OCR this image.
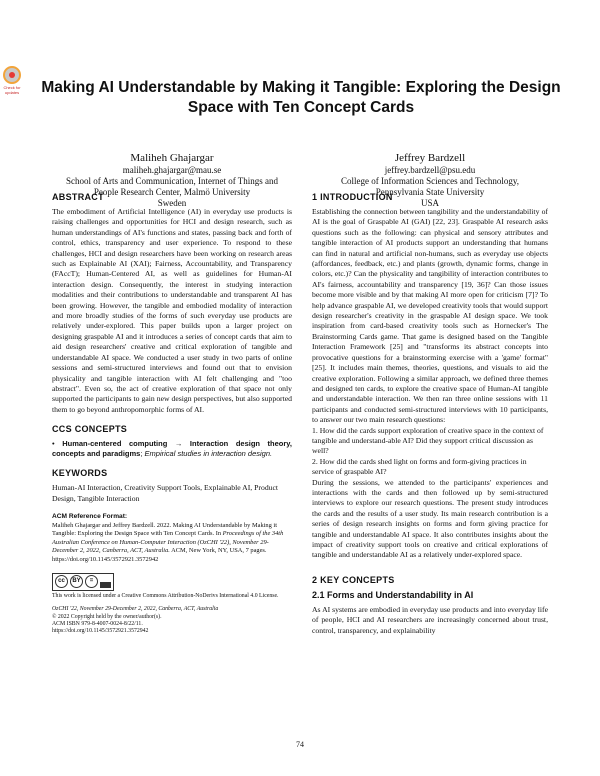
Check for updates Making AI Understandable by Making it Tangible: Exploring the Design Space with Ten Concept Cards
Maliheh Ghajargar
maliheh.ghajargar@mau.se
School of Arts and Communication, Internet of Things and
People Research Center, Malmö University
Sweden
Jeffrey Bardzell
jeffrey.bardzell@psu.edu
College of Information Sciences and Technology,
Pennsylvania State University
USA
ABSTRACT

The embodiment of Artificial Intelligence (AI) in everyday use products is raising challenges and opportunities for HCI and design research, such as human understandings of AI's functions and states, passing back and forth of control, ethics, transparency and user experience. To respond to these challenges, HCI and design researchers have been working on research areas such as Explainable AI (XAI); Fairness, Accountability, and Transparency (FAccT); Human-Centered AI, as well as guidelines for Human-AI interaction design. Consequently, the interest in studying interaction modalities and their contributions to understandable and transparent AI has been growing. However, the tangible and embodied modality of interaction and more broadly studies of the forms of such everyday use products are relatively under-explored. This paper builds upon a larger project on designing graspable AI and it introduces a series of concept cards that aim to aid design researchers' creative and critical exploration of tangible and understandable AI space. We conducted a user study in two parts of online sessions and semi-structured interviews and found out that to envision physicality and tangible interaction with AI felt challenging and "too abstract". Even so, the act of creative exploration of that space not only supported the participants to gain new design perspectives, but also supported them to go beyond anthropomorphic forms of AI.

CCS CONCEPTS

• Human-centered computing → Interaction design theory, concepts and paradigms; Empirical studies in interaction design.

KEYWORDS

Human-AI Interaction, Creativity Support Tools, Explainable AI, Product Design, Tangible Interaction

ACM Reference Format:

Maliheh Ghajargar and Jeffrey Bardzell. 2022. Making AI Understandable by Making it Tangible: Exploring the Design Space with Ten Concept Cards. In Proceedings of the 34th Australian Conference on Human-Computer Interaction (OzCHI '22), November 29-December 2, 2022, Canberra, ACT, Australia. ACM, New York, NY, USA, 7 pages. https://doi.org/10.1145/3572921.3572942

cc	BY	=
This work is licensed under a Creative Commons Attribution-NoDerivs International 4.0 License.
OzCHI '22, November 29-December 2, 2022, Canberra, ACT, Australia
© 2022 Copyright held by the owner/author(s).
ACM ISBN 979-8-4007-0024-8/22/11.
https://doi.org/10.1145/3572921.3572942
1 INTRODUCTION

Establishing the connection between tangibility and the understandability of AI is the goal of Graspable AI (GAI) [22, 23]. Graspable AI research asks questions such as the following: can physical and sensory attributes and tangible interaction of AI products support an understanding that humans can find in natural and artificial non-humans, such as everyday use objects (affordances, feedback, etc.) and plants (growth, dynamic forms, change in colors, etc.)? Can the physicality and tangibility of interaction contributes to AI's fairness, accountability and transparency [19, 36]? Can those issues become more visible and by that making AI more open for criticism [7]? To help advance graspable AI, we developed creativity tools that would support design researcher's creativity in the graspable AI design space. We took inspiration from card-based creativity tools such as Hornecker's The Brainstorming Cards game. That game is designed based on the Tangible Interaction Framework [25] and "transforms its abstract concepts into provocative questions for a brainstorming exercise with a 'game' format" [25]. It includes main themes, theories, questions, and visuals to aid the creative exploration. Following a similar approach, we defined three themes and designed ten cards, to explore the creative space of Human-AI tangible and understandable interaction. We then ran three online sessions with 11 participants and conducted semi-structured interviews with 10 participants, to answer our two main research questions:

1. How did the cards support exploration of creative space in the context of tangible and understand-able AI? Did they support critical discussion as well?

2. How did the cards shed light on forms and form-giving practices in service of graspable AI?

During the sessions, we attended to the participants' experiences and interactions with the cards and then followed up by semi-structured interviews to explore our research questions. The present study introduces the cards and the results of a user study. Its main research contribution is a series of design research insights on forms and form giving practice for tangible and understandable AI space. It also contributes insights about the impact of creativity support tools on creative and critical explorations of tangible and understandable AI as a relatively under-explored space.

2 KEY CONCEPTS
2.1 Forms and Understandability in AI

As AI systems are embodied in everyday use products and into everyday life of people, HCI and AI researchers are increasingly concerned about trust, control, transparency, and explainability

74
